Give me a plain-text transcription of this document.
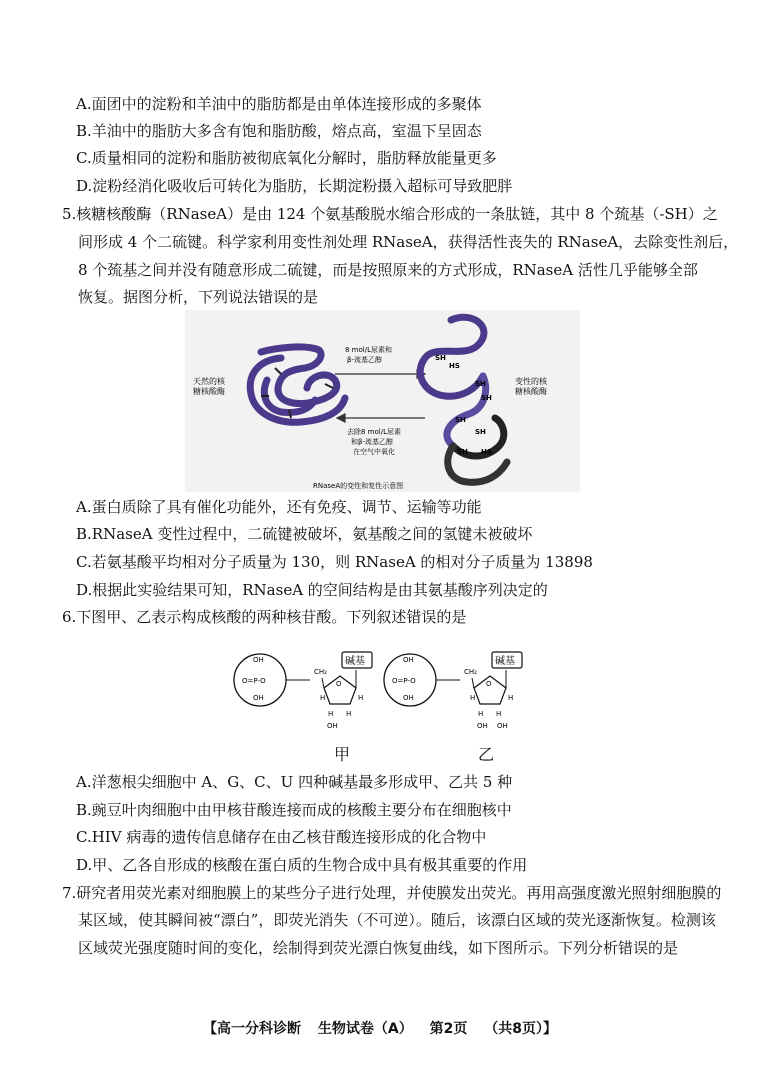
A.面团中的淀粉和羊油中的脂肪都是由单体连接形成的多聚体
B.羊油中的脂肪大多含有饱和脂肪酸，熔点高，室温下呈固态
C.质量相同的淀粉和脂肪被彻底氧化分解时，脂肪释放能量更多
D.淀粉经消化吸收后可转化为脂肪，长期淀粉摄入超标可导致肥胖
5.核糖核酸酶（RNaseA）是由 124 个氨基酸脱水缩合形成的一条肽链，其中 8 个巯基（-SH）之
间形成 4 个二硫键。科学家利用变性剂处理 RNaseA，获得活性丧失的 RNaseA，去除变性剂后，
8 个巯基之间并没有随意形成二硫键，而是按照原来的方式形成，RNaseA 活性几乎能够全部
恢复。据图分析，下列说法错误的是
天然的核
糖核酸酶
8 mol/L尿素和
β-巯基乙醇
去除8 mol/L尿素
和β-巯基乙醇
在空气中氧化
SH
HS
SH
SH
SH
SH
SH HS
变性的核
糖核酸酶
RNaseA的变性和复性示意图
A.蛋白质除了具有催化功能外，还有免疫、调节、运输等功能
B.RNaseA 变性过程中，二硫键被破坏，氨基酸之间的氢键未被破坏
C.若氨基酸平均相对分子质量为 130，则 RNaseA 的相对分子质量为 13898
D.根据此实验结果可知，RNaseA 的空间结构是由其氨基酸序列决定的
6.下图甲、乙表示构成核酸的两种核苷酸。下列叙述错误的是
OH
O=P-O
OH
CH₂
O
碱基
H	H
H H
OH
OH
O=P-O
OH
CH₂
O
碱基
H	H
H H
OH OH
甲	乙
A.洋葱根尖细胞中 A、G、C、U 四种碱基最多形成甲、乙共 5 种
B.豌豆叶肉细胞中由甲核苷酸连接而成的核酸主要分布在细胞核中
C.HIV 病毒的遗传信息储存在由乙核苷酸连接形成的化合物中
D.甲、乙各自形成的核酸在蛋白质的生物合成中具有极其重要的作用
7.研究者用荧光素对细胞膜上的某些分子进行处理，并使膜发出荧光。再用高强度激光照射细胞膜的
某区域，使其瞬间被“漂白”，即荧光消失（不可逆）。随后，该漂白区域的荧光逐渐恢复。检测该
区域荧光强度随时间的变化，绘制得到荧光漂白恢复曲线，如下图所示。下列分析错误的是
【高一分科诊断 生物试卷（A） 第2页 （共8页）】
